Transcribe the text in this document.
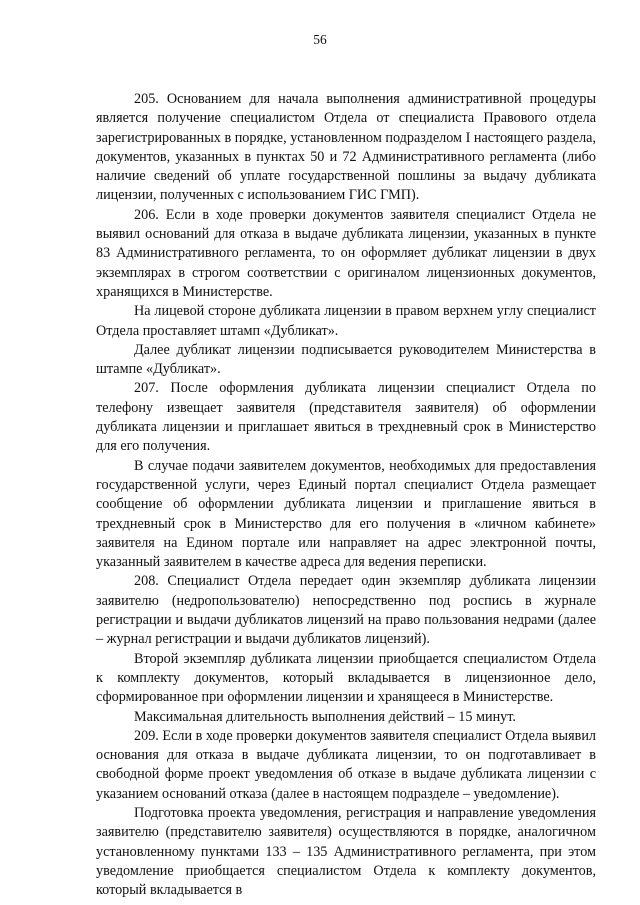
56

205. Основанием для начала выполнения административной процедуры является получение специалистом Отдела от специалиста Правового отдела зарегистрированных в порядке, установленном подразделом I настоящего раздела, документов, указанных в пунктах 50 и 72 Административного регламента (либо наличие сведений об уплате государственной пошлины за выдачу дубликата лицензии, полученных с использованием ГИС ГМП).

206. Если в ходе проверки документов заявителя специалист Отдела не выявил оснований для отказа в выдаче дубликата лицензии, указанных в пункте 83 Административного регламента, то он оформляет дубликат лицензии в двух экземплярах в строгом соответствии с оригиналом лицензионных документов, хранящихся в Министерстве.

На лицевой стороне дубликата лицензии в правом верхнем углу специалист Отдела проставляет штамп «Дубликат».

Далее дубликат лицензии подписывается руководителем Министерства в штампе «Дубликат».

207. После оформления дубликата лицензии специалист Отдела по телефону извещает заявителя (представителя заявителя) об оформлении дубликата лицензии и приглашает явиться в трехдневный срок в Министерство для его получения.

В случае подачи заявителем документов, необходимых для предоставления государственной услуги, через Единый портал специалист Отдела размещает сообщение об оформлении дубликата лицензии и приглашение явиться в трехдневный срок в Министерство для его получения в «личном кабинете» заявителя на Едином портале или направляет на адрес электронной почты, указанный заявителем в качестве адреса для ведения переписки.

208. Специалист Отдела передает один экземпляр дубликата лицензии заявителю (недропользователю) непосредственно под роспись в журнале регистрации и выдачи дубликатов лицензий на право пользования недрами (далее – журнал регистрации и выдачи дубликатов лицензий).

Второй экземпляр дубликата лицензии приобщается специалистом Отдела к комплекту документов, который вкладывается в лицензионное дело, сформированное при оформлении лицензии и хранящееся в Министерстве.

Максимальная длительность выполнения действий – 15 минут.

209. Если в ходе проверки документов заявителя специалист Отдела выявил основания для отказа в выдаче дубликата лицензии, то он подготавливает в свободной форме проект уведомления об отказе в выдаче дубликата лицензии с указанием оснований отказа (далее в настоящем подразделе – уведомление).

Подготовка проекта уведомления, регистрация и направление уведомления заявителю (представителю заявителя) осуществляются в порядке, аналогичном установленному пунктами 133 – 135 Административного регламента, при этом уведомление приобщается специалистом Отдела к комплекту документов, который вкладывается в
